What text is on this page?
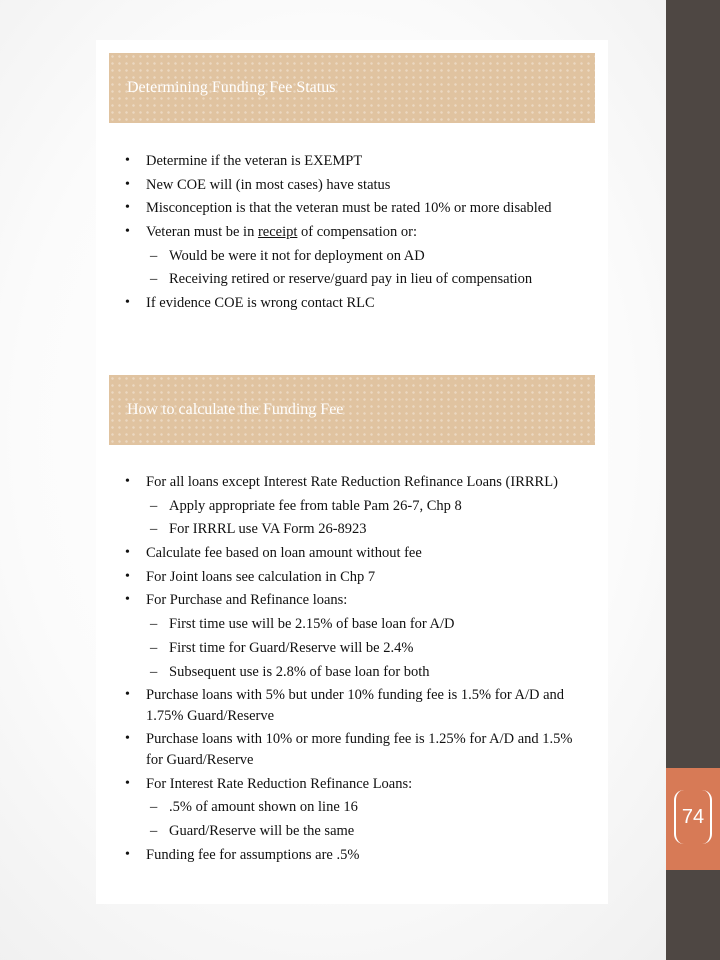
74
Determining Funding Fee Status
• Determine if the veteran is EXEMPT
• New COE will (in most cases) have status
• Misconception is that the veteran must be rated 10% or more disabled
• Veteran must be in receipt of compensation or:
– Would be were it not for deployment on AD
– Receiving retired or reserve/guard pay in lieu of compensation
• If evidence COE is wrong contact RLC
How to calculate the Funding Fee
• For all loans except Interest Rate Reduction Refinance Loans (IRRRL)
– Apply appropriate fee from table Pam 26-7, Chp 8
– For IRRRL use VA Form 26-8923
• Calculate fee based on loan amount without fee
• For Joint loans see calculation in Chp 7
• For Purchase and Refinance loans:
– First time use will be 2.15% of base loan for A/D
– First time for Guard/Reserve will be 2.4%
– Subsequent use is 2.8% of base loan for both
• Purchase loans with 5% but under 10% funding fee is 1.5% for A/D and 1.75% Guard/Reserve
• Purchase loans with 10% or more funding fee is 1.25% for A/D and 1.5% for Guard/Reserve
• For Interest Rate Reduction Refinance Loans:
– .5% of amount shown on line 16
– Guard/Reserve will be the same
• Funding fee for assumptions are .5%
